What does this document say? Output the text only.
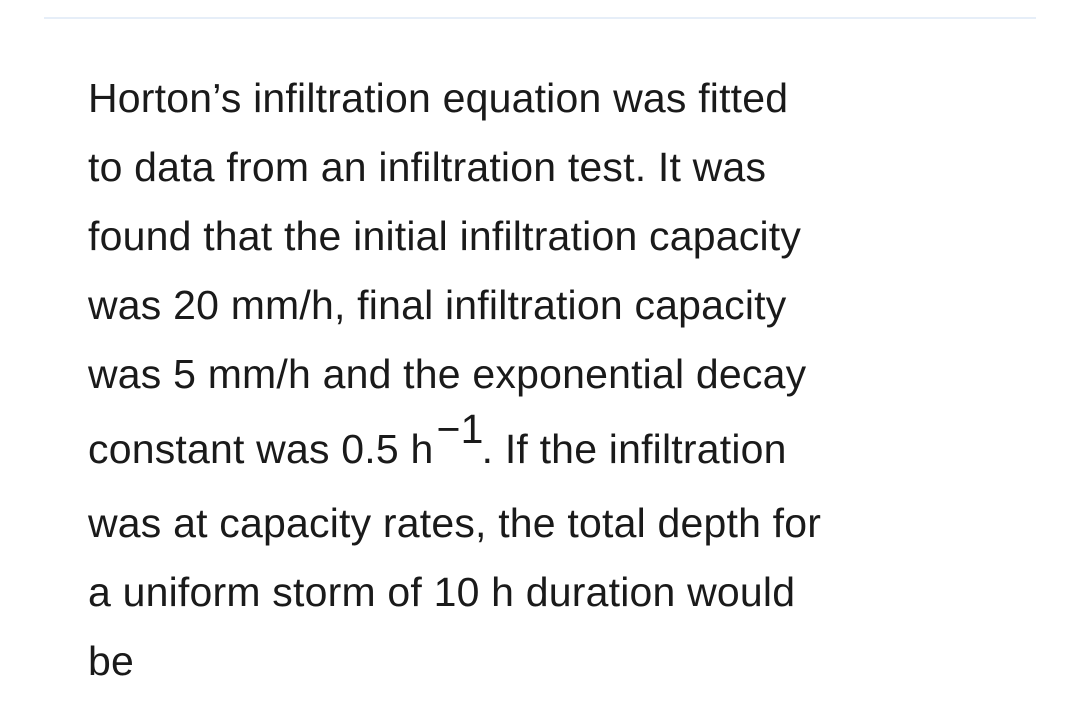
Horton’s infiltration equation was fitted
to data from an infiltration test. It was
found that the initial infiltration capacity
was 20 mm/h, final infiltration capacity
was 5 mm/h and the exponential decay
constant was 0.5 h−1. If the infiltration
was at capacity rates, the total depth for
a uniform storm of 10 h duration would
be
